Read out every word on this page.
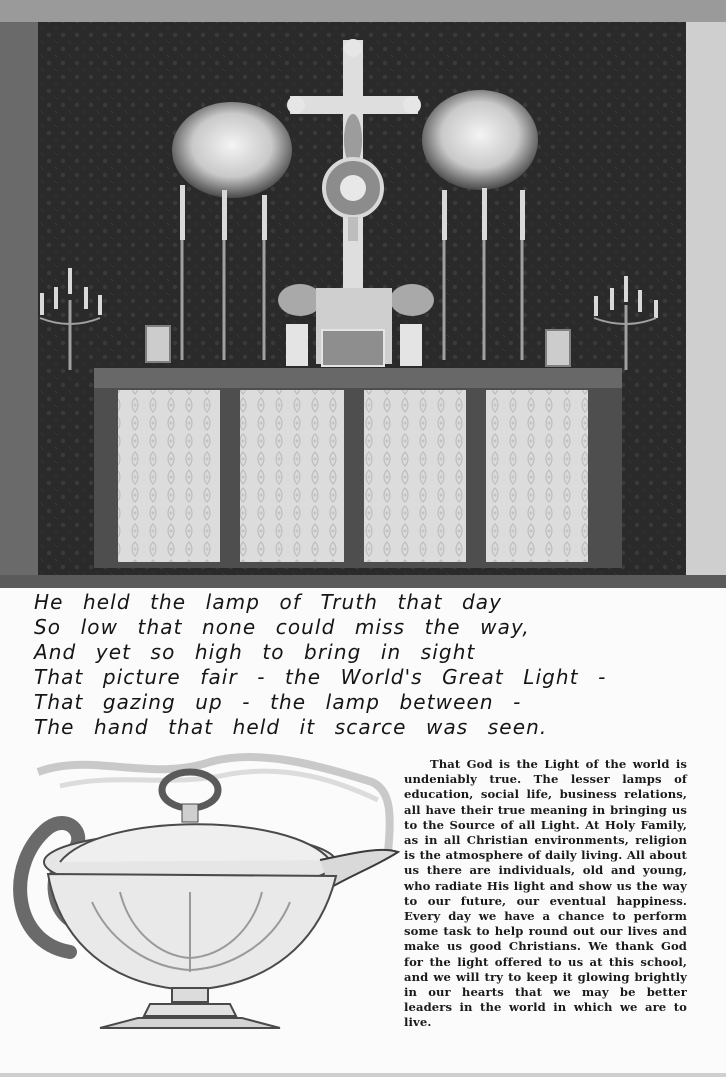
He held the lamp of Truth that day
So low that none could miss the way,
And yet so high to bring in sight
That picture fair - the World's Great Light -
That gazing up - the lamp between -
The hand that held it scarce was seen.
That God is the Light of the world is undeniably true. The lesser lamps of education, social life, business relations, all have their true meaning in bringing us to the Source of all Light. At Holy Family, as in all Christian environments, religion is the atmosphere of daily living. All about us there are individuals, old and young, who radiate His light and show us the way to our future, our eventual happiness. Every day we have a chance to perform some task to help round out our lives and make us good Christians. We thank God for the light offered to us at this school, and we will try to keep it glowing brightly in our hearts that we may be better leaders in the world in which we are to live.
